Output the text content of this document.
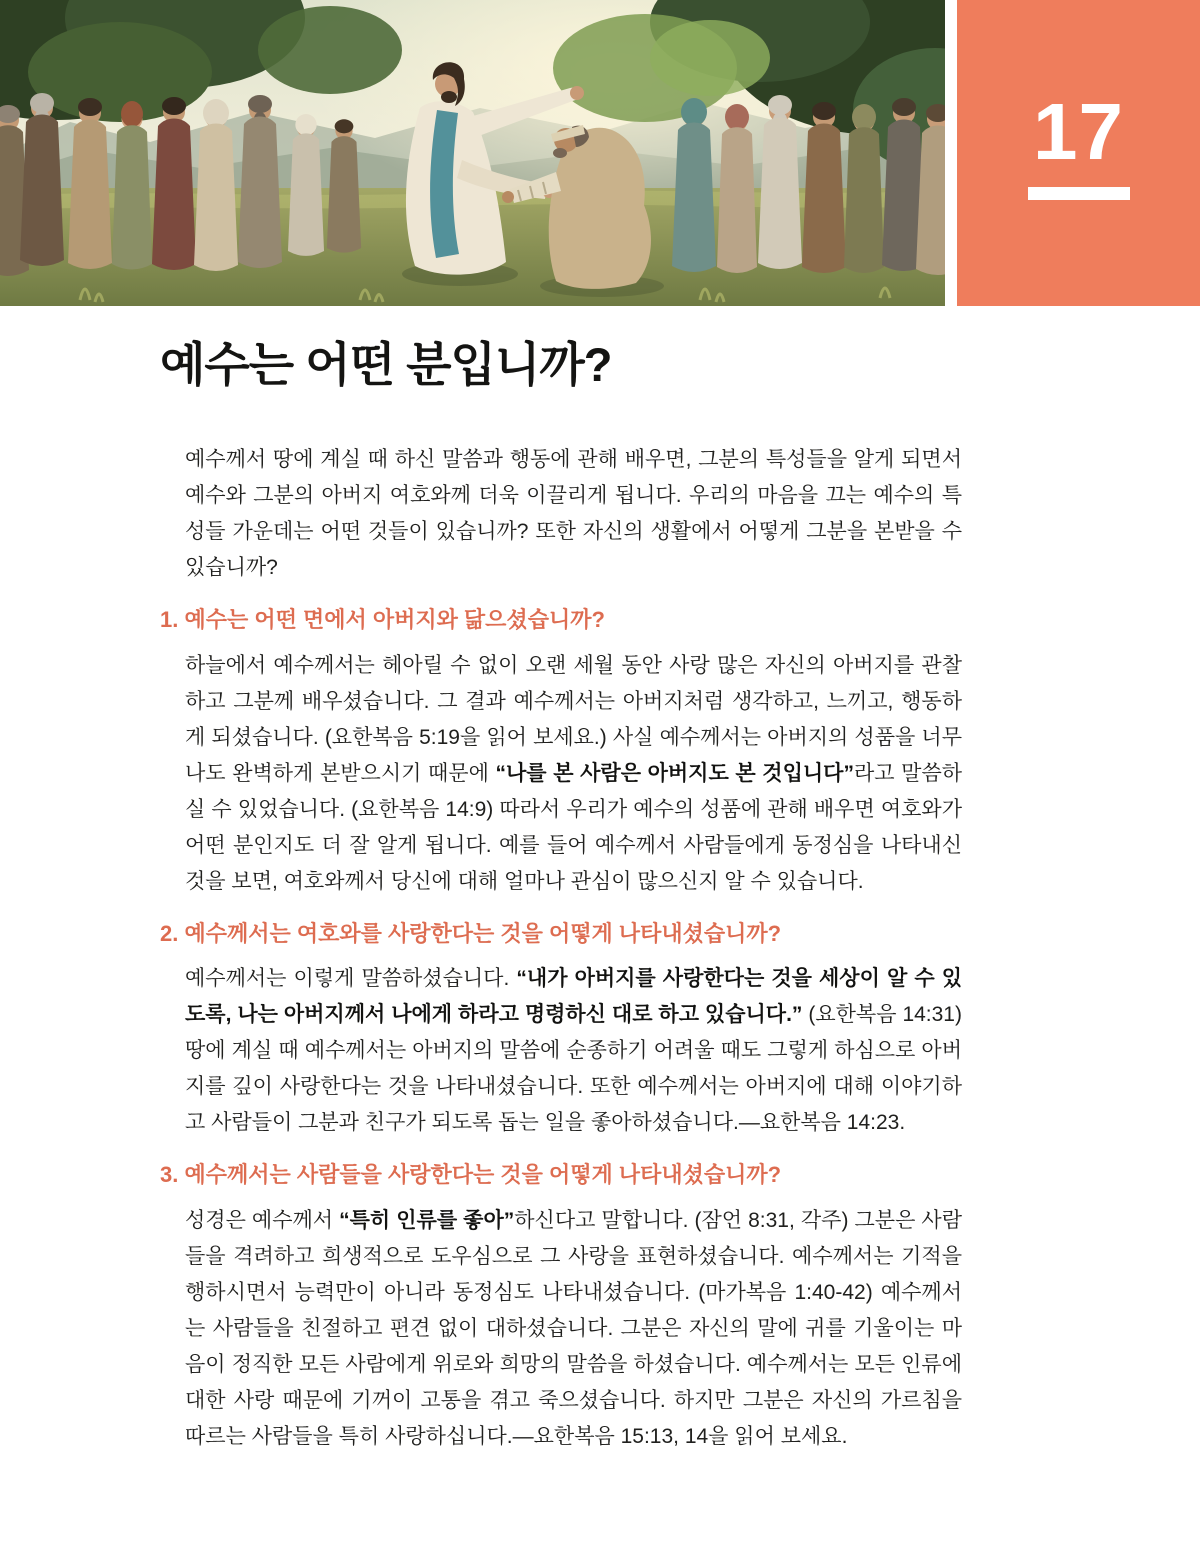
17
예수는 어떤 분입니까?

예수께서 땅에 계실 때 하신 말씀과 행동에 관해 배우면, 그분의 특성들을 알게 되면서 예수와 그분의 아버지 여호와께 더욱 이끌리게 됩니다. 우리의 마음을 끄는 예수의 특성들 가운데는 어떤 것들이 있습니까? 또한 자신의 생활에서 어떻게 그분을 본받을 수 있습니까?

1. 예수는 어떤 면에서 아버지와 닮으셨습니까?

하늘에서 예수께서는 헤아릴 수 없이 오랜 세월 동안 사랑 많은 자신의 아버지를 관찰하고 그분께 배우셨습니다. 그 결과 예수께서는 아버지처럼 생각하고, 느끼고, 행동하게 되셨습니다. (요한복음 5:19을 읽어 보세요.) 사실 예수께서는 아버지의 성품을 너무나도 완벽하게 본받으시기 때문에 “나를 본 사람은 아버지도 본 것입니다”라고 말씀하실 수 있었습니다. (요한복음 14:9) 따라서 우리가 예수의 성품에 관해 배우면 여호와가 어떤 분인지도 더 잘 알게 됩니다. 예를 들어 예수께서 사람들에게 동정심을 나타내신 것을 보면, 여호와께서 당신에 대해 얼마나 관심이 많으신지 알 수 있습니다.

2. 예수께서는 여호와를 사랑한다는 것을 어떻게 나타내셨습니까?

예수께서는 이렇게 말씀하셨습니다. “내가 아버지를 사랑한다는 것을 세상이 알 수 있도록, 나는 아버지께서 나에게 하라고 명령하신 대로 하고 있습니다.” (요한복음 14:31) 땅에 계실 때 예수께서는 아버지의 말씀에 순종하기 어려울 때도 그렇게 하심으로 아버지를 깊이 사랑한다는 것을 나타내셨습니다. 또한 예수께서는 아버지에 대해 이야기하고 사람들이 그분과 친구가 되도록 돕는 일을 좋아하셨습니다.—요한복음 14:23.

3. 예수께서는 사람들을 사랑한다는 것을 어떻게 나타내셨습니까?

성경은 예수께서 “특히 인류를 좋아”하신다고 말합니다. (잠언 8:31, 각주) 그분은 사람들을 격려하고 희생적으로 도우심으로 그 사랑을 표현하셨습니다. 예수께서는 기적을 행하시면서 능력만이 아니라 동정심도 나타내셨습니다. (마가복음 1:40-42) 예수께서는 사람들을 친절하고 편견 없이 대하셨습니다. 그분은 자신의 말에 귀를 기울이는 마음이 정직한 모든 사람에게 위로와 희망의 말씀을 하셨습니다. 예수께서는 모든 인류에 대한 사랑 때문에 기꺼이 고통을 겪고 죽으셨습니다. 하지만 그분은 자신의 가르침을 따르는 사람들을 특히 사랑하십니다.—요한복음 15:13, 14을 읽어 보세요.
